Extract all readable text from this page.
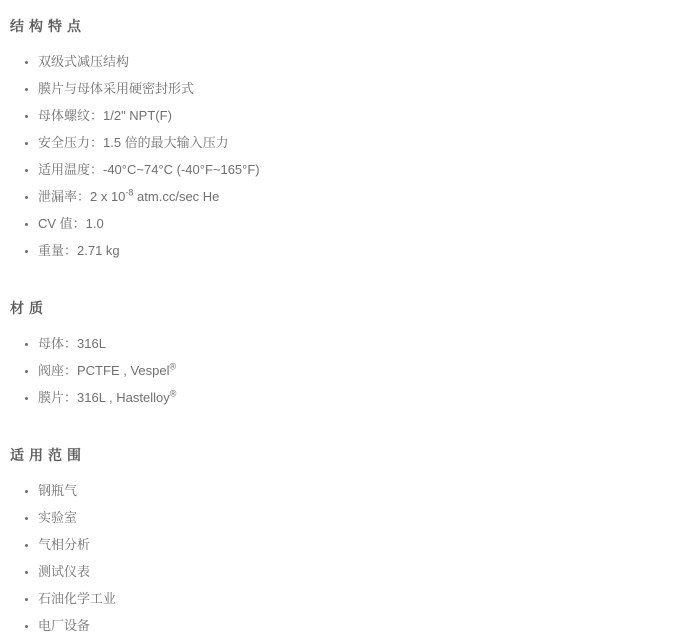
结构特点
• 双级式减压结构
• 膜片与母体采用硬密封形式
• 母体螺纹：1/2" NPT(F)
• 安全压力：1.5 倍的最大输入压力
• 适用温度：-40°C~74°C (-40°F~165°F)
• 泄漏率：2 x $10^{-8}$ atm.cc/sec He
• CV 值：1.0
• 重量：2.71 kg
材质
• 母体：316L
• 阀座：PCTFE , Vespel®
• 膜片：316L , Hastelloy®
适用范围
• 钢瓶气
• 实验室
• 气相分析
• 测试仪表
• 石油化学工业
• 电厂设备
